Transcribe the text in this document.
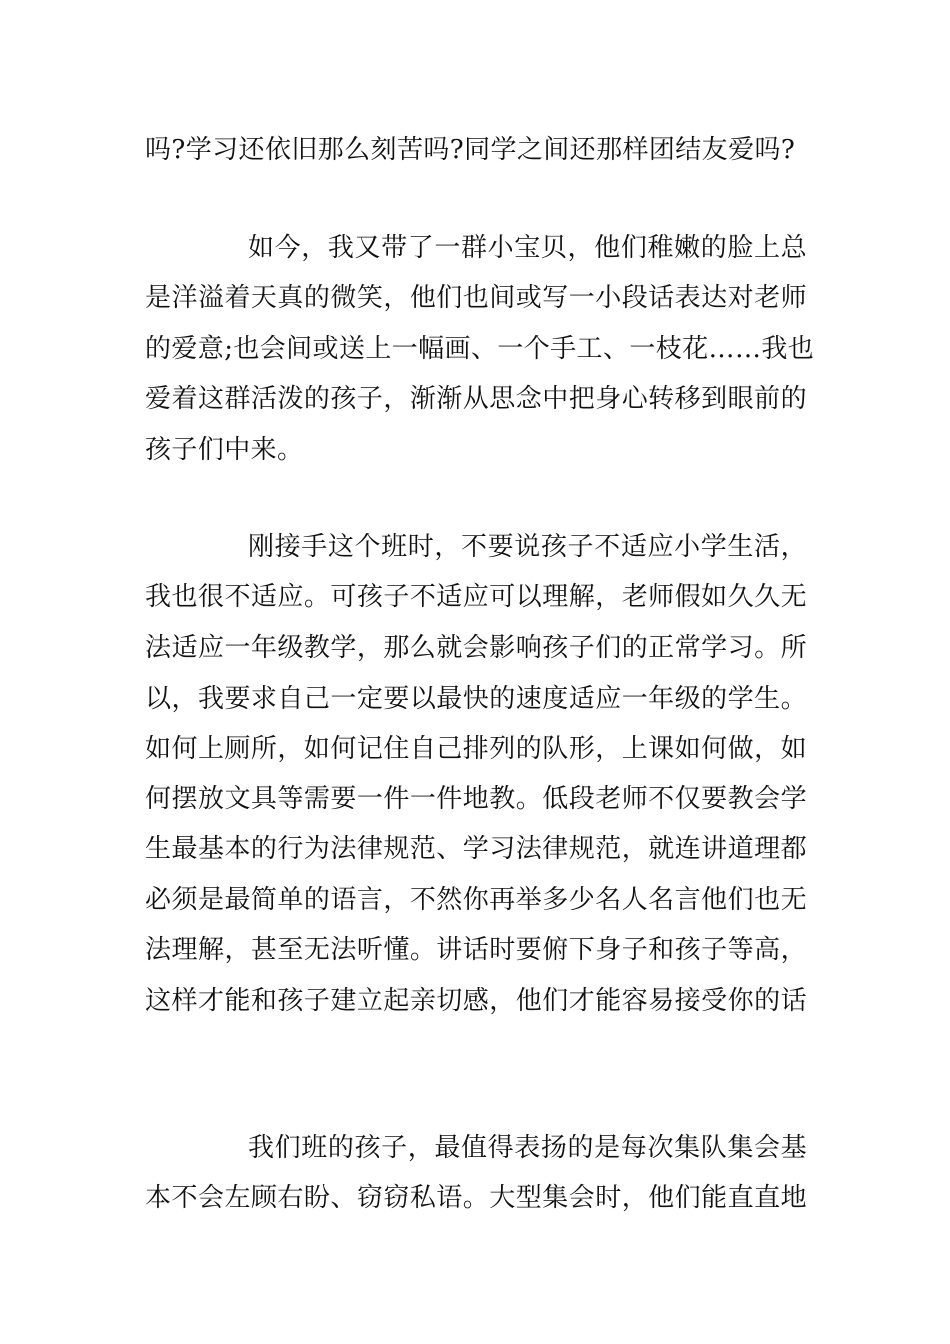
吗?学习还依旧那么刻苦吗?同学之间还那样团结友爱吗?

如今，我又带了一群小宝贝，他们稚嫩的脸上总

是洋溢着天真的微笑，他们也间或写一小段话表达对老师

的爱意;也会间或送上一幅画、一个手工、一枝花……我也

爱着这群活泼的孩子，渐渐从思念中把身心转移到眼前的

孩子们中来。

刚接手这个班时，不要说孩子不适应小学生活，

我也很不适应。可孩子不适应可以理解，老师假如久久无

法适应一年级教学，那么就会影响孩子们的正常学习。所

以，我要求自己一定要以最快的速度适应一年级的学生。

如何上厕所，如何记住自己排列的队形，上课如何做，如

何摆放文具等需要一件一件地教。低段老师不仅要教会学

生最基本的行为法律规范、学习法律规范，就连讲道理都

必须是最简单的语言，不然你再举多少名人名言他们也无

法理解，甚至无法听懂。讲话时要俯下身子和孩子等高，

这样才能和孩子建立起亲切感，他们才能容易接受你的话

我们班的孩子，最值得表扬的是每次集队集会基

本不会左顾右盼、窃窃私语。大型集会时，他们能直直地
